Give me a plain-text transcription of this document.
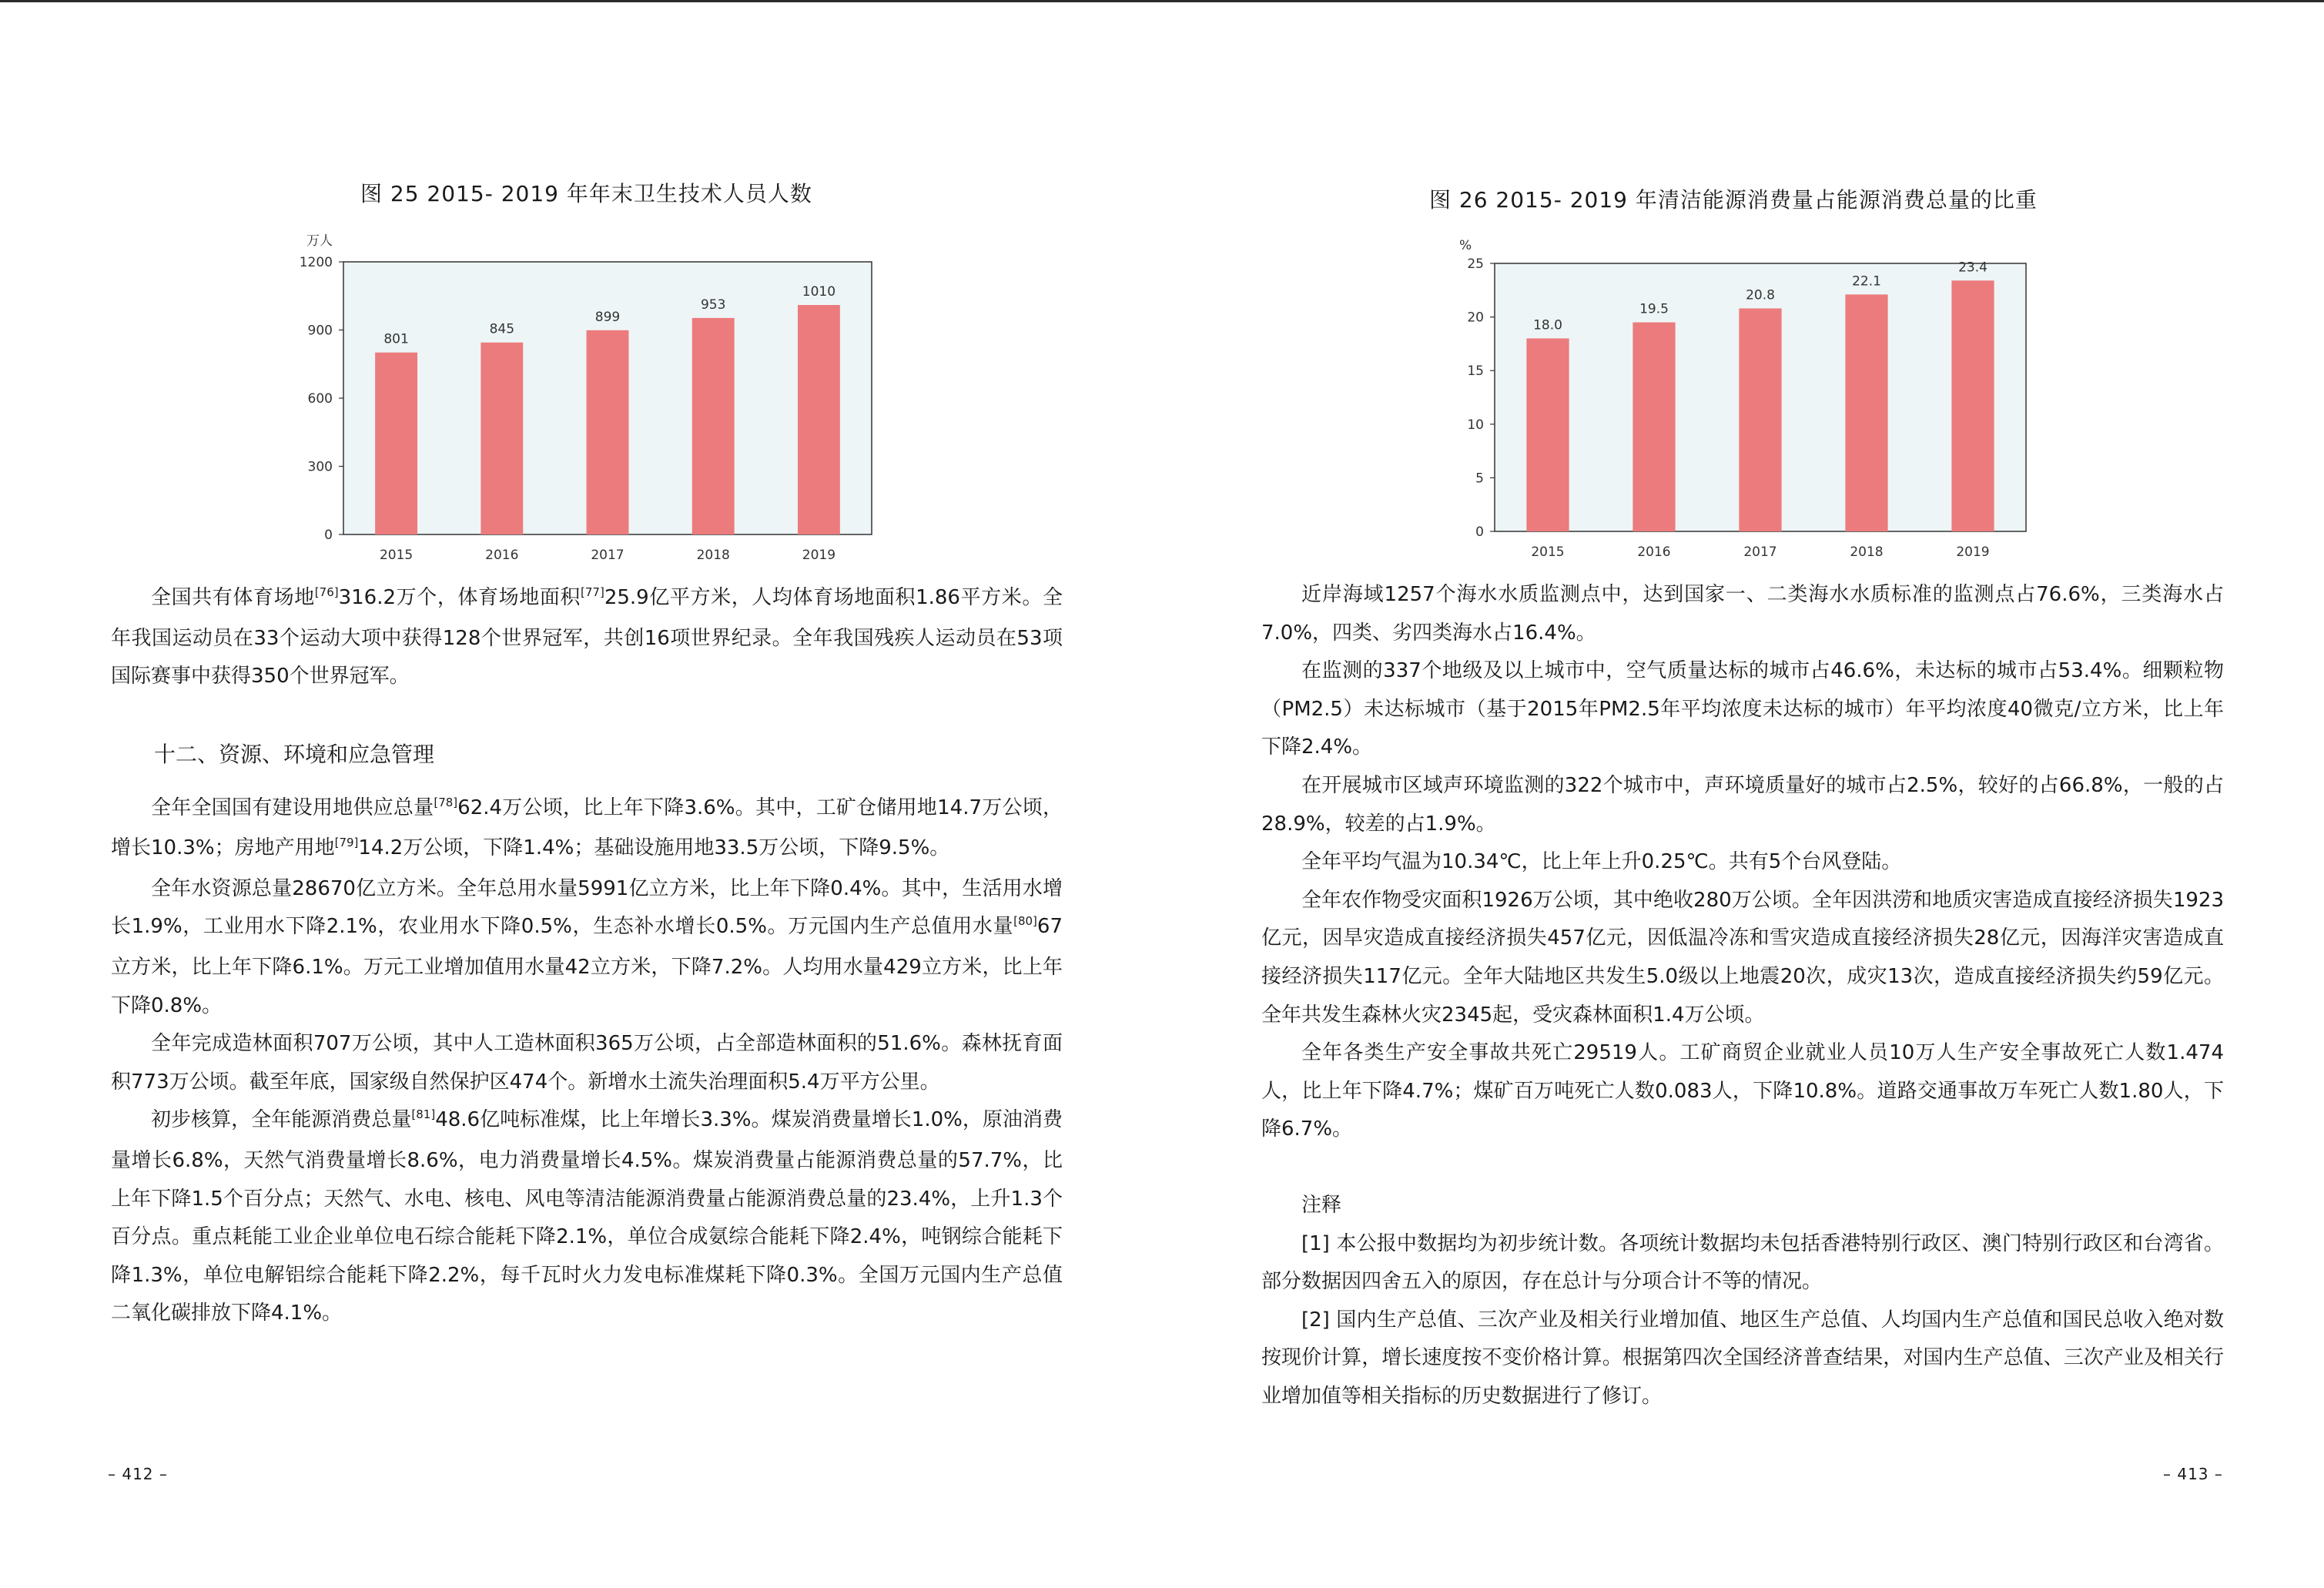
图 25 2015- 2019 年年末卫生技术人员人数
万人
0
300
600
900
1200
801
845
899
953
1010
2015	2016	2017	2018	2019

全国共有体育场地[76]316.2万个，体育场地面积[77]25.9亿平方米，人均体育场地面积1.86平方米。全年我国运动员在33个运动大项中获得128个世界冠军，共创16项世界纪录。全年我国残疾人运动员在53项国际赛事中获得350个世界冠军。

十二、资源、环境和应急管理

全年全国国有建设用地供应总量[78]62.4万公顷，比上年下降3.6%。其中，工矿仓储用地14.7万公顷，增长10.3%；房地产用地[79]14.2万公顷，下降1.4%；基础设施用地33.5万公顷，下降9.5%。

全年水资源总量28670亿立方米。全年总用水量5991亿立方米，比上年下降0.4%。其中，生活用水增长1.9%，工业用水下降2.1%，农业用水下降0.5%，生态补水增长0.5%。万元国内生产总值用水量[80]67立方米，比上年下降6.1%。万元工业增加值用水量42立方米，下降7.2%。人均用水量429立方米，比上年下降0.8%。

全年完成造林面积707万公顷，其中人工造林面积365万公顷，占全部造林面积的51.6%。森林抚育面积773万公顷。截至年底，国家级自然保护区474个。新增水土流失治理面积5.4万平方公里。

初步核算，全年能源消费总量[81]48.6亿吨标准煤，比上年增长3.3%。煤炭消费量增长1.0%，原油消费量增长6.8%，天然气消费量增长8.6%，电力消费量增长4.5%。煤炭消费量占能源消费总量的57.7%，比上年下降1.5个百分点；天然气、水电、核电、风电等清洁能源消费量占能源消费总量的23.4%，上升1.3个百分点。重点耗能工业企业单位电石综合能耗下降2.1%，单位合成氨综合能耗下降2.4%，吨钢综合能耗下降1.3%，单位电解铝综合能耗下降2.2%，每千瓦时火力发电标准煤耗下降0.3%。全国万元国内生产总值二氧化碳排放下降4.1%。

– 412 –
图 26 2015- 2019 年清洁能源消费量占能源消费总量的比重
%
0
5
10
15
20
25
18.0
19.5
20.8
22.1
23.4
2015	2016	2017	2018	2019

近岸海域1257个海水水质监测点中，达到国家一、二类海水水质标准的监测点占76.6%，三类海水占7.0%，四类、劣四类海水占16.4%。

在监测的337个地级及以上城市中，空气质量达标的城市占46.6%，未达标的城市占53.4%。细颗粒物（PM2.5）未达标城市（基于2015年PM2.5年平均浓度未达标的城市）年平均浓度40微克/立方米，比上年下降2.4%。

在开展城市区域声环境监测的322个城市中，声环境质量好的城市占2.5%，较好的占66.8%，一般的占28.9%，较差的占1.9%。

全年平均气温为10.34℃，比上年上升0.25℃。共有5个台风登陆。

全年农作物受灾面积1926万公顷，其中绝收280万公顷。全年因洪涝和地质灾害造成直接经济损失1923亿元，因旱灾造成直接经济损失457亿元，因低温冷冻和雪灾造成直接经济损失28亿元，因海洋灾害造成直接经济损失117亿元。全年大陆地区共发生5.0级以上地震20次，成灾13次，造成直接经济损失约59亿元。全年共发生森林火灾2345起，受灾森林面积1.4万公顷。

全年各类生产安全事故共死亡29519人。工矿商贸企业就业人员10万人生产安全事故死亡人数1.474人，比上年下降4.7%；煤矿百万吨死亡人数0.083人，下降10.8%。道路交通事故万车死亡人数1.80人，下降6.7%。

注释

[1] 本公报中数据均为初步统计数。各项统计数据均未包括香港特别行政区、澳门特别行政区和台湾省。部分数据因四舍五入的原因，存在总计与分项合计不等的情况。

[2] 国内生产总值、三次产业及相关行业增加值、地区生产总值、人均国内生产总值和国民总收入绝对数按现价计算，增长速度按不变价格计算。根据第四次全国经济普查结果，对国内生产总值、三次产业及相关行业增加值等相关指标的历史数据进行了修订。

– 413 –
